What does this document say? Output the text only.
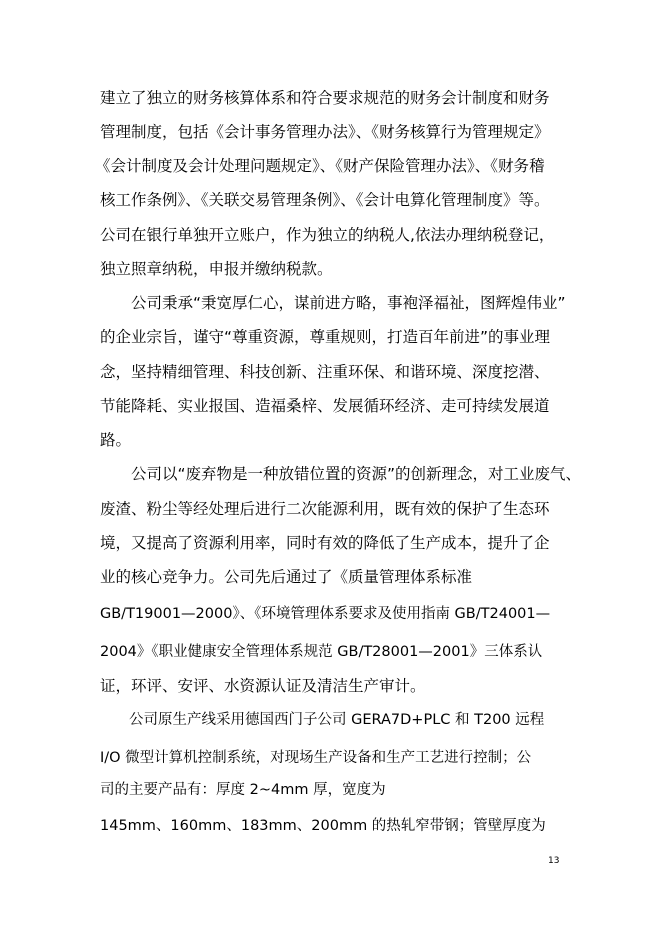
建立了独立的财务核算体系和符合要求规范的财务会计制度和财务
管理制度，包括《会计事务管理办法》、《财务核算行为管理规定》
《会计制度及会计处理问题规定》、《财产保险管理办法》、《财务稽
核工作条例》、《关联交易管理条例》、《会计电算化管理制度》等。
公司在银行单独开立账户，作为独立的纳税人,依法办理纳税登记，
独立照章纳税，申报并缴纳税款。
　　公司秉承“秉宽厚仁心，谋前进方略，事袍泽福祉，图辉煌伟业”
的企业宗旨，谨守“尊重资源，尊重规则，打造百年前进”的事业理
念，坚持精细管理、科技创新、注重环保、和谐环境、深度挖潜、
节能降耗、实业报国、造福桑梓、发展循环经济、走可持续发展道
路。
　　公司以“废弃物是一种放错位置的资源”的创新理念，对工业废气、
废渣、粉尘等经处理后进行二次能源利用，既有效的保护了生态环
境，又提高了资源利用率，同时有效的降低了生产成本，提升了企
业的核心竞争力。公司先后通过了《质量管理体系标准
GB/T19001—2000》、《环境管理体系要求及使用指南 GB/T24001—
2004》《职业健康安全管理体系规范 GB/T28001—2001》三体系认
证，环评、安评、水资源认证及清洁生产审计。
　　公司原生产线采用德国西门子公司 GERA7D+PLC 和 T200 远程
I/O 微型计算机控制系统，对现场生产设备和生产工艺进行控制；公
司的主要产品有：厚度 2~4mm 厚，宽度为
145mm、160mm、183mm、200mm 的热轧窄带钢；管壁厚度为
13
